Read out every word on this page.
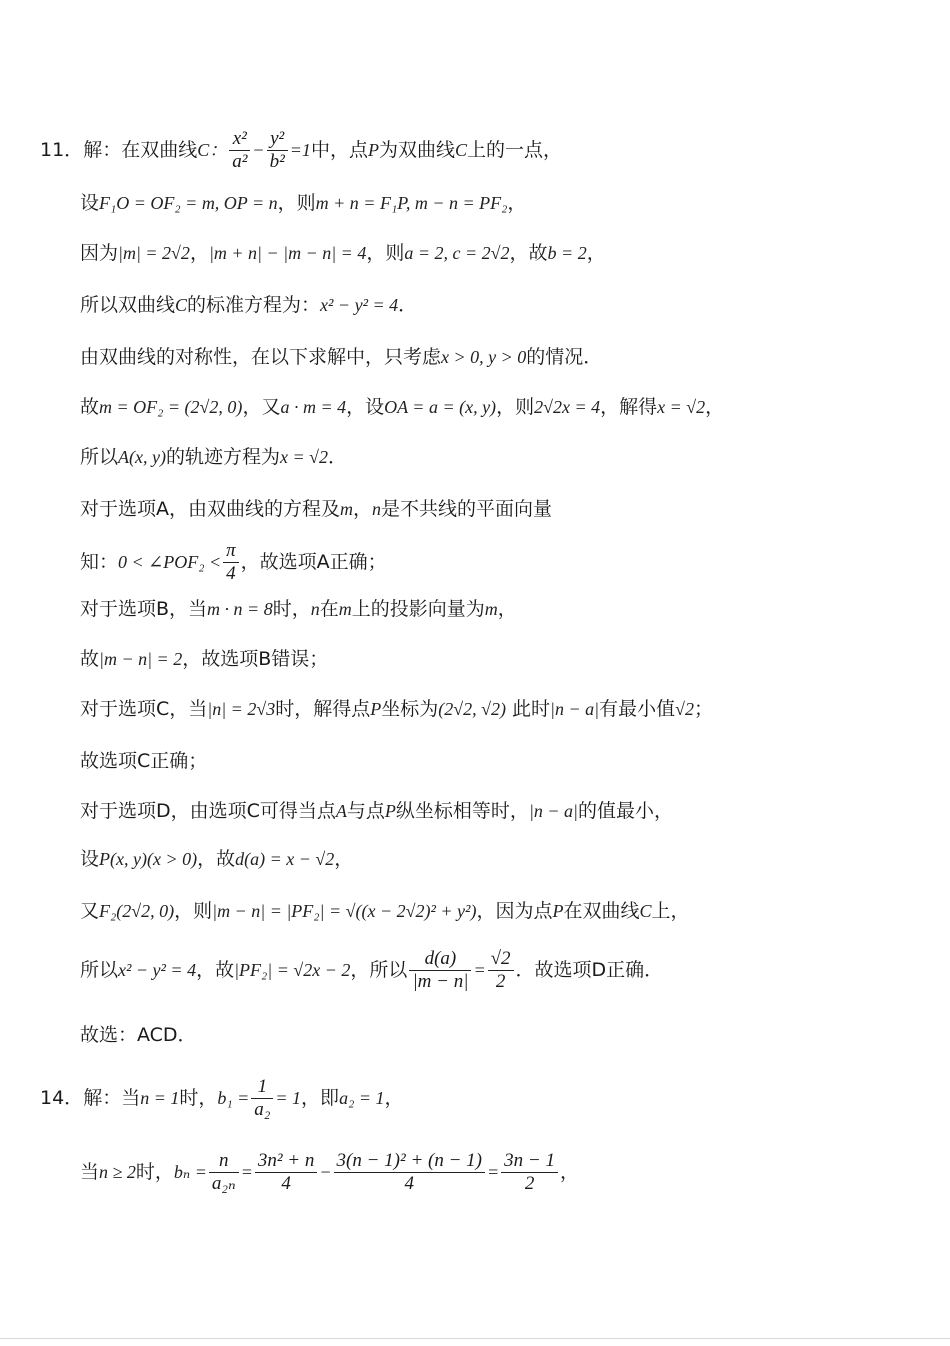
11．解：在双曲线C： $\frac{\text{x²}}{\text{a²}} - \frac{\text{y²}}{\text{b²}} =1$中，点P为双曲线C上的一点，
设F₁O = OF₂ = m, OP = n，则m + n = F₁P, m − n = PF₂，
因为|m| = 2√2，|m + n| − |m − n| = 4，则a = 2, c = 2√2，故b = 2，
所以双曲线C的标准方程为：x² − y² = 4．
由双曲线的对称性，在以下求解中，只考虑x > 0, y > 0的情况．
故m = OF₂ = (2√2, 0)，又a · m = 4，设OA = a = (x, y)，则2√2x = 4，解得x = √2，
所以A(x, y)的轨迹方程为x = √2．
对于选项A，由双曲线的方程及m，n是不共线的平面向量
知：0 < ∠POF₂ < $\frac{\pi}{4}$ ，故选项A正确；
对于选项B，当m · n = 8时，n在m上的投影向量为m，
故|m − n| = 2，故选项B错误；
对于选项C，当|n| = 2√3时，解得点P坐标为(2√2, √2) 此时|n − a|有最小值√2；
故选项C正确；
对于选项D，由选项C可得当点A与点P纵坐标相等时，|n − a|的值最小，
设P(x, y)(x > 0)，故d(a) = x − √2，
又F₂(2√2, 0)，则|m − n| = |PF₂| = √((x − 2√2)² + y²)，因为点P在双曲线C上，
所以x² − y² = 4，故|PF₂| = √2x − 2，所以 $\frac{d(a)}{|m - n|} = \frac{√2}{2}$ ．故选项D正确．
故选：ACD．
14．解：当n = 1时，$b_1 = \frac{1}{\text{a₂}} = 1$，即a₂ = 1，
当n ≥ 2时，$b_n = \frac{n}{\text{a₂ₙ}} = \frac{\text{3n² + n}}{4} - \frac{\text{3(n − 1)² + (n − 1)}}{4} = \frac{3n - 1}{2}$ ，
